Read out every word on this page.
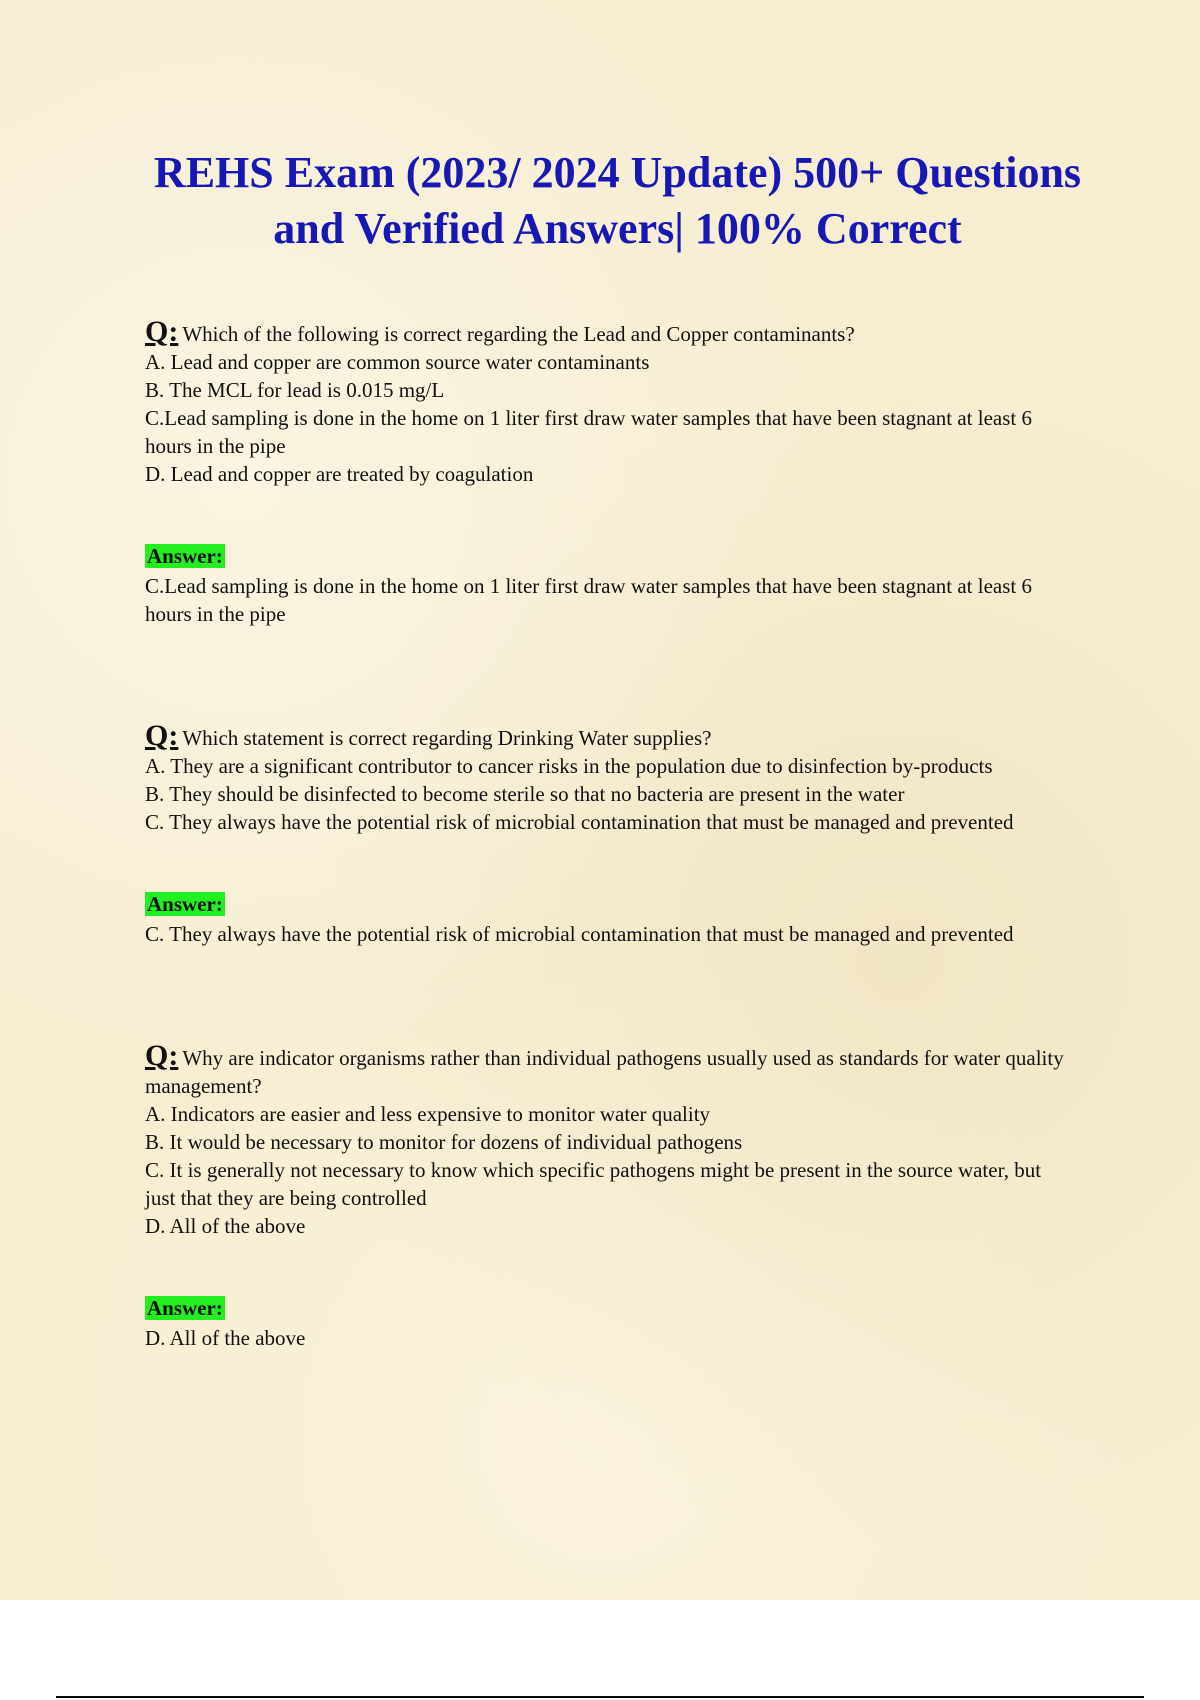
REHS Exam (2023/ 2024 Update) 500+ Questions and Verified Answers| 100% Correct

Q: Which of the following is correct regarding the Lead and Copper contaminants?

A. Lead and copper are common source water contaminants

B. The MCL for lead is 0.015 mg/L

C.Lead sampling is done in the home on 1 liter first draw water samples that have been stagnant at least 6 hours in the pipe

D. Lead and copper are treated by coagulation

Answer:

C.Lead sampling is done in the home on 1 liter first draw water samples that have been stagnant at least 6 hours in the pipe

Q: Which statement is correct regarding Drinking Water supplies?

A. They are a significant contributor to cancer risks in the population due to disinfection by-products

B. They should be disinfected to become sterile so that no bacteria are present in the water

C. They always have the potential risk of microbial contamination that must be managed and prevented

Answer:

C. They always have the potential risk of microbial contamination that must be managed and prevented

Q: Why are indicator organisms rather than individual pathogens usually used as standards for water quality management?

A. Indicators are easier and less expensive to monitor water quality

B. It would be necessary to monitor for dozens of individual pathogens

C. It is generally not necessary to know which specific pathogens might be present in the source water, but just that they are being controlled

D. All of the above

Answer:

D. All of the above
